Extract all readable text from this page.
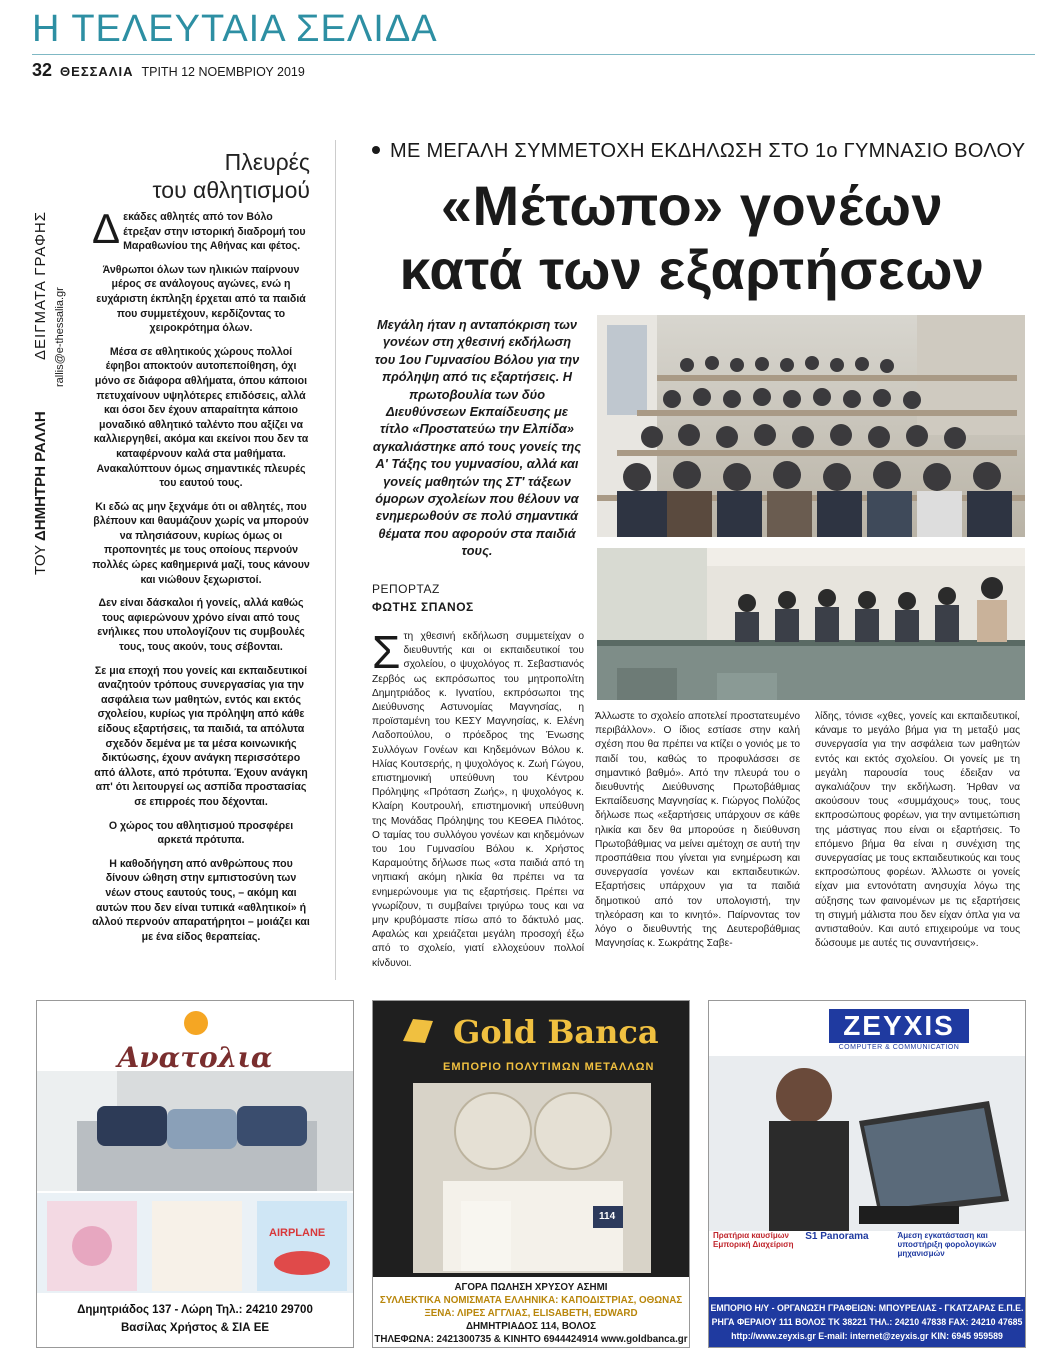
Η ΤΕΛΕΥΤΑΙΑ ΣΕΛΙΔΑ
32 ΘΕΣΣΑΛΙΑ ΤΡΙΤΗ 12 ΝΟΕΜΒΡΙΟΥ 2019
Πλευρές
του αθλητισμού
ΤΟΥ ΔΗΜΗΤΡΗ ΡΑΛΛΗ
rallis@e-thessalia.gr
ΔΕΙΓΜΑΤΑ ΓΡΑΦΗΣ Δεκάδες αθλητές από τον Βόλο έτρεξαν στην ιστορική διαδρομή του Μαραθωνίου της Αθήνας και φέτος.

Άνθρωποι όλων των ηλικιών παίρνουν μέρος σε ανάλογους αγώνες, ενώ η ευχάριστη έκπληξη έρχεται από τα παιδιά που συμμετέχουν, κερδίζοντας το χειροκρότημα όλων.

Μέσα σε αθλητικούς χώρους πολλοί έφηβοι αποκτούν αυτοπεποίθηση, όχι μόνο σε διάφορα αθλήματα, όπου κάποιοι πετυχαίνουν υψηλότερες επιδόσεις, αλλά και όσοι δεν έχουν απαραίτητα κάποιο μοναδικό αθλητικό ταλέντο που αξίζει να καλλιεργηθεί, ακόμα και εκείνοι που δεν τα καταφέρνουν καλά στα μαθήματα. Ανακαλύπτουν όμως σημαντικές πλευρές του εαυτού τους.

Κι εδώ ας μην ξεχνάμε ότι οι αθλητές, που βλέπουν και θαυμάζουν χωρίς να μπορούν να πλησιάσουν, κυρίως όμως οι προπονητές με τους οποίους περνούν πολλές ώρες καθημερινά μαζί, τους κάνουν και νιώθουν ξεχωριστοί.

Δεν είναι δάσκαλοι ή γονείς, αλλά καθώς τους αφιερώνουν χρόνο είναι από τους ενήλικες που υπολογίζουν τις συμβουλές τους, τους ακούν, τους σέβονται.

Σε μια εποχή που γονείς και εκπαιδευτικοί αναζητούν τρόπους συνεργασίας για την ασφάλεια των μαθητών, εντός και εκτός σχολείου, κυρίως για πρόληψη από κάθε είδους εξαρτήσεις, τα παιδιά, τα απόλυτα σχεδόν δεμένα με τα μέσα κοινωνικής δικτύωσης, έχουν ανάγκη περισσότερο από άλλοτε, από πρότυπα. Έχουν ανάγκη απ' ότι λειτουργεί ως ασπίδα προστασίας σε επιρροές που δέχονται.

Ο χώρος του αθλητισμού προσφέρει αρκετά πρότυπα.

Η καθοδήγηση από ανθρώπους που δίνουν ώθηση στην εμπιστοσύνη των νέων στους εαυτούς τους, – ακόμη και αυτών που δεν είναι τυπικά «αθλητικοί» ή αλλού περνούν απαρατήρητοι – μοιάζει και με ένα είδος θεραπείας.

ΜΕ ΜΕΓΑΛΗ ΣΥΜΜΕΤΟΧΗ ΕΚΔΗΛΩΣΗ ΣΤΟ 1ο ΓΥΜΝΑΣΙΟ ΒΟΛΟΥ
«Μέτωπο» γονέων
κατά των εξαρτήσεων
Μεγάλη ήταν η ανταπόκριση των γονέων στη χθεσινή εκδήλωση του 1ου Γυμνασίου Βόλου για την πρόληψη από τις εξαρτήσεις. Η πρωτοβουλία των δύο Διευθύνσεων Εκπαίδευσης με τίτλο «Προστατεύω την Ελπίδα» αγκαλιάστηκε από τους γονείς της Α' Τάξης του γυμνασίου, αλλά και γονείς μαθητών της ΣΤ' τάξεων όμορων σχολείων που θέλουν να ενημερωθούν σε πολύ σημαντικά θέματα που αφορούν στα παιδιά τους.
ΡΕΠΟΡΤΑΖ
ΦΩΤΗΣ ΣΠΑΝΟΣ

Στη χθεσινή εκδήλωση συμμετείχαν ο διευθυντής και οι εκπαιδευτικοί του σχολείου, ο ψυχολόγος π. Σεβαστιανός Ζερβός ως εκπρόσωπος του μητροπολίτη Δημητριάδος κ. Ιγνατίου, εκπρόσωποι της Διεύθυνσης Αστυνομίας Μαγνησίας, η προϊσταμένη του ΚΕΣΥ Μαγνησίας, κ. Ελένη Λαδοπούλου, ο πρόεδρος της Ένωσης Συλλόγων Γονέων και Κηδεμόνων Βόλου κ. Ηλίας Κουτσερής, η ψυχολόγος κ. Ζωή Γώγου, επιστημονική υπεύθυνη του Κέντρου Πρόληψης «Πρόταση Ζωής», η ψυχολόγος κ. Κλαίρη Κουτρουλή, επιστημονική υπεύθυνη της Μονάδας Πρόληψης του ΚΕΘΕΑ Πιλότος. Ο ταμίας του συλλόγου γονέων και κηδεμόνων του 1ου Γυμνασίου Βόλου κ. Χρήστος Καραμούτης δήλωσε πως «στα παιδιά από τη νηπιακή ακόμη ηλικία θα πρέπει να τα ενημερώνουμε για τις εξαρτήσεις. Πρέπει να γνωρίζουν, τι συμβαίνει τριγύρω τους και να μην κρυβόμαστε πίσω από το δάκτυλό μας. Αφαλώς και χρειάζεται μεγάλη προσοχή έξω από το σχολείο, γιατί ελλοχεύουν πολλοί κίνδυνοι.

Άλλωστε το σχολείο αποτελεί προστατευμένο περιβάλλον». Ο ίδιος εστίασε στην καλή σχέση που θα πρέπει να κτίζει ο γονιός με το παιδί του, καθώς το προφυλάσσει σε σημαντικό βαθμό». Από την πλευρά του ο διευθυντής Διεύθυνσης Πρωτοβάθμιας Εκπαίδευσης Μαγνησίας κ. Γιώργος Πολύζος δήλωσε πως «εξαρτήσεις υπάρχουν σε κάθε ηλικία και δεν θα μπορούσε η διεύθυνση Πρωτοβάθμιας να μείνει αμέτοχη σε αυτή την προσπάθεια που γίνεται για ενημέρωση και συνεργασία γονέων και εκπαιδευτικών. Εξαρτήσεις υπάρχουν για τα παιδιά δημοτικού από τον υπολογιστή, την τηλεόραση και το κινητό». Παίρνοντας τον λόγο ο διευθυντής της Δευτεροβάθμιας Μαγνησίας κ. Σωκράτης Σαβε-

λίδης, τόνισε «χθες, γονείς και εκπαιδευτικοί, κάναμε το μεγάλο βήμα για τη μεταξύ μας συνεργασία για την ασφάλεια των μαθητών εντός και εκτός σχολείου. Οι γονείς με τη μεγάλη παρουσία τους έδειξαν να αγκαλιάζουν την εκδήλωση. Ήρθαν να ακούσουν τους «συμμάχους» τους, τους εκπροσώπους φορέων, για την αντιμετώπιση της μάστιγας που είναι οι εξαρτήσεις. Το επόμενο βήμα θα είναι η συνέχιση της συνεργασίας με τους εκπαιδευτικούς και τους εκπροσώπους φορέων. Άλλωστε οι γονείς είχαν μια εντονότατη ανησυχία λόγω της αύξησης των φαινομένων με τις εξαρτήσεις τη στιγμή μάλιστα που δεν είχαν όπλα για να αντισταθούν. Και αυτό επιχειρούμε να τους δώσουμε με αυτές τις συναντήσεις».

Ανατολια
AIRPLANE
Δημητριάδος 137 - Λώρη Τηλ.: 24210 29700
Βασίλας Χρήστος & ΣΙΑ ΕΕ
Gold Banca
ΕΜΠΟΡΙΟ ΠΟΛΥΤΙΜΩΝ ΜΕΤΑΛΛΩΝ
114
ΑΓΟΡΑ ΠΩΛΗΣΗ ΧΡΥΣΟΥ ΑΣΗΜΙ
ΣΥΛΛΕΚΤΙΚΑ ΝΟΜΙΣΜΑΤΑ ΕΛΛΗΝΙΚΑ: ΚΑΠΟΔΙΣΤΡΙΑΣ, ΟΘΩΝΑΣ
ΞΕΝΑ: ΛΙΡΕΣ ΑΓΓΛΙΑΣ, ELISABETH, EDWARD
ΔΗΜΗΤΡΙΑΔΟΣ 114, ΒΟΛΟΣ
ΤΗΛΕΦΩΝΑ: 2421300735 & ΚΙΝΗΤΟ 6944424914 www.goldbanca.gr
ZEYXIS
COMPUTER & COMMUNICATION
Πρατήρια καυσίμων Εμπορική Διαχείριση
S1 Panorama	Άμεση εγκατάσταση και υποστήριξη φορολογικών μηχανισμών
ΕΜΠΟΡΙΟ Η/Υ - ΟΡΓΑΝΩΣΗ ΓΡΑΦΕΙΩΝ: ΜΠΟΥΡΕΛΙΑΣ - ΓΚΑΤΖΑΡΑΣ Ε.Π.Ε.
ΡΗΓΑ ΦΕΡΑΙΟΥ 111 ΒΟΛΟΣ ΤΚ 38221 ΤΗΛ.: 24210 47838 FAX: 24210 47685
http://www.zeyxis.gr E-mail: internet@zeyxis.gr ΚΙΝ: 6945 959589
